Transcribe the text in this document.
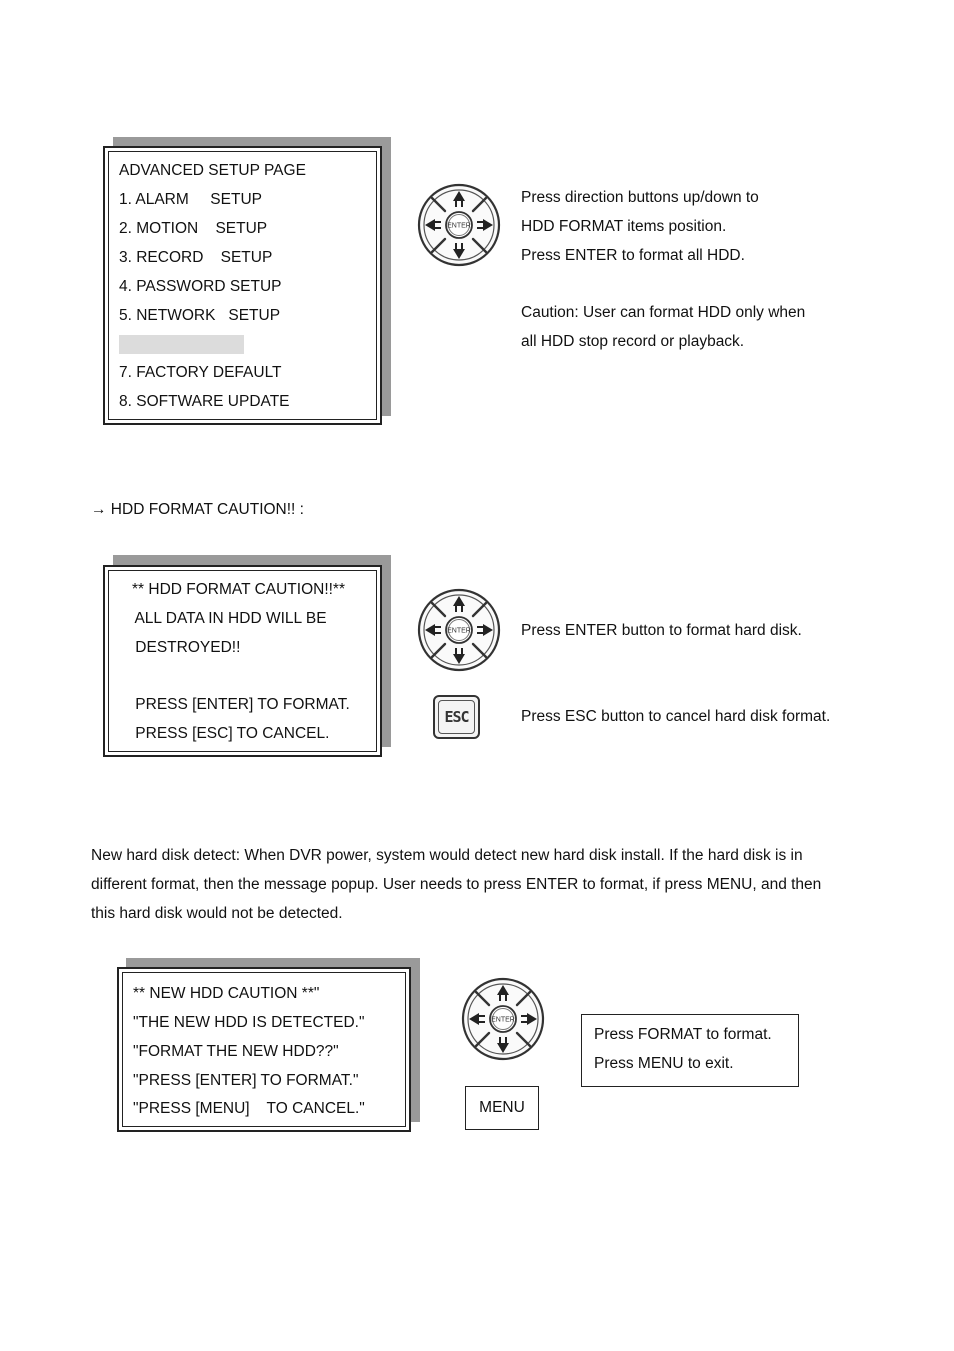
ADVANCED SETUP PAGE
1. ALARM     SETUP
2. MOTION    SETUP
3. RECORD    SETUP
4. PASSWORD SETUP
5. NETWORK   SETUP
7. FACTORY DEFAULT
8. SOFTWARE UPDATE
ENTER
Press direction buttons up/down to
HDD FORMAT items position.
Press ENTER to format all HDD.
Caution: User can format HDD only when
all HDD stop record or playback.
→ HDD FORMAT CAUTION!! :
** HDD FORMAT CAUTION!!**
ALL DATA IN HDD WILL BE
DESTROYED!!
PRESS [ENTER] TO FORMAT.
PRESS [ESC] TO CANCEL.
ENTER	Press ENTER button to format hard disk.
ESC	Press ESC button to cancel hard disk format.
New hard disk detect: When DVR power, system would detect new hard disk install. If the hard disk is in
different format, then the message popup. User needs to press ENTER to format, if press MENU, and then
this hard disk would not be detected.
** NEW HDD CAUTION **"
"THE NEW HDD IS DETECTED."
"FORMAT THE NEW HDD??"
"PRESS [ENTER] TO FORMAT."
"PRESS [MENU]    TO CANCEL."
ENTER
MENU
Press FORMAT to format.
Press MENU to exit.
